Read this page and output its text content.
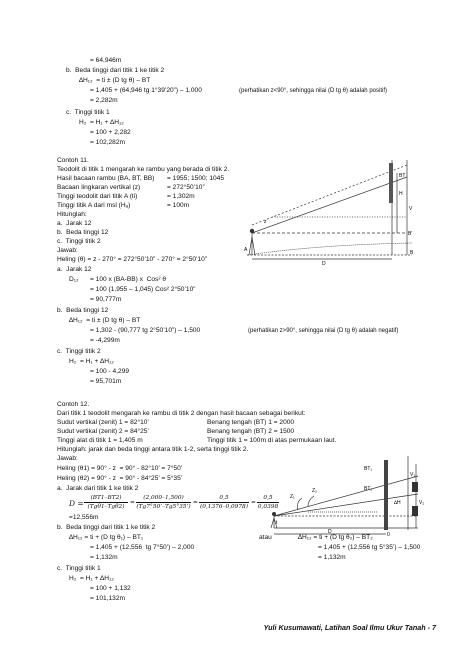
= 64,946m
b.  Beda tinggi dari titik 1 ke titik 2
∆H₁₂  = ti ± (D tg θ) – BT
= 1,405 + (64,946 tg 1°39’20”) – 1,000	(perhatikan z<90°, sehingga nilai (D tg θ) adalah positif)
= 2,282m
c.  Tinggi titik 1
H₂  = H₁ + ∆H₁₂
= 100 + 2,282
= 102,282m
Contoh 11.
Teodolit di titik 1 mengarah ke rambu yang berada di titik 2.
Hasil bacaan rambu (BA, BT, BB) = 1955; 1500; 1045
Bacaan lingkaran vertikal (z)	= 272°50’10”
Tinggi teodolit dari titik A (ti)	= 1,302m
Tinggi titik A dari msl (Hₐ)	= 100m
Hitunglah:
a.  Jarak 12
b.  Beda tinggi 12
c.  Tinggi titik 2
Jawab:
Heling (θ) = z - 270° = 272°50’10” - 270° = 2°50’10”
a.  Jarak 12
D₁₂ = 100 x (BA-BB) x  Cos² θ
= 100 (1,955 – 1,045) Cos² 2°50’10”
= 90,777m
b.  Beda tinggi 12
∆H₁₂  = ti ± (D tg θ) – BT
= 1,302 - (90,777 tg 2°50’10”) – 1,500	(perhatikan z>90°, sehingga nilai (D tg θ) adalah negatif)
= -4,299m
c.  Tinggi titik 2
H₂  = H₁ + ∆H₁₂
= 100 - 4,299
= 95,701m
BT
H
V
D
A	B
z
B'
Contoh 12.
Dari titik 1 teodolit mengarah ke rambu di titik 2 dengan hasil bacaan sebagai berikut:
Sudut vertikal (zenit) 1 = 82°10’	Benang tengah (BT) 1 = 2000
Sudut vertikal (zenit) 2 = 84°25’	Benang tengah (BT) 2 = 1500
Tinggi alat di titik 1 = 1,405 m	Tinggi titik 1 = 100m di atas permukaan laut.
Hitunglah: jarak dan beda tinggi antara titik 1-2, serta tinggi titik 2.
Jawab:
Heling (θ1) = 90° - z  = 90° - 82°10’ = 7°50’
Heling (θ2) = 90° - z  = 90° - 84°25’ = 5°35’
a.  Jarak dari titik 1 ke titik 2
D =
(BT1–BT2)
(Tgθ1–Tgθ2)
=
(2,000–1,500)
(Tg7°50’–Tg5°35’)
=
0,5
(0,1376–0,0978)
=
0,5
0,0398
=12,556m
b.  Beda tinggi dari titik 1 ke titik 2
∆H₁₂ = ti + (D tg θ₁) – BT₁
= 1,405 + (12,556  tg 7°50’) – 2,000
= 1,132m
atau	∆H₁₂ = ti + (D tg θ₂) – BT₂
= 1,405 + (12,556 tg 5°35’) – 1,500
= 1,132m
c.  Tinggi titik 1
H₂  = H₁ + ∆H₁₂
= 100 + 1,132
= 101,132m
BT₁
BT₂
Z₁
Z₂
D
∆H
V₁
V₂
t
0
Yuli Kusumawati, Latihan Soal Ilmu Ukur Tanah - 7
